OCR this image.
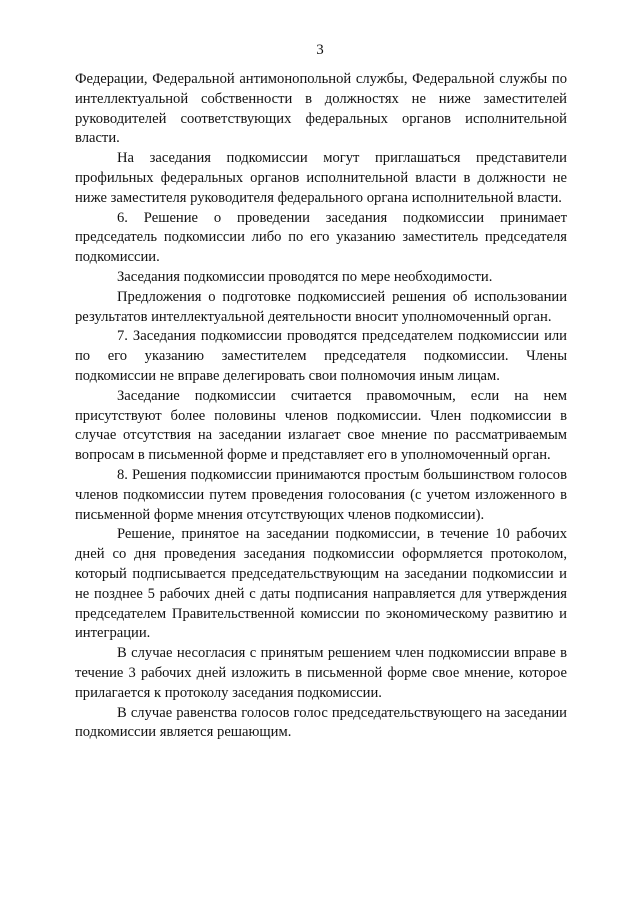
3

Федерации, Федеральной антимонопольной службы, Федеральной службы по интеллектуальной собственности в должностях не ниже заместителей руководителей соответствующих федеральных органов исполнительной власти.

На заседания подкомиссии могут приглашаться представители профильных федеральных органов исполнительной власти в должности не ниже заместителя руководителя федерального органа исполнительной власти.

6. Решение о проведении заседания подкомиссии принимает председатель подкомиссии либо по его указанию заместитель председателя подкомиссии.

Заседания подкомиссии проводятся по мере необходимости.

Предложения о подготовке подкомиссией решения об использовании результатов интеллектуальной деятельности вносит уполномоченный орган.

7. Заседания подкомиссии проводятся председателем подкомиссии или по его указанию заместителем председателя подкомиссии. Члены подкомиссии не вправе делегировать свои полномочия иным лицам.

Заседание подкомиссии считается правомочным, если на нем присутствуют более половины членов подкомиссии. Член подкомиссии в случае отсутствия на заседании излагает свое мнение по рассматриваемым вопросам в письменной форме и представляет его в уполномоченный орган.

8. Решения подкомиссии принимаются простым большинством голосов членов подкомиссии путем проведения голосования (с учетом изложенного в письменной форме мнения отсутствующих членов подкомиссии).

Решение, принятое на заседании подкомиссии, в течение 10 рабочих дней со дня проведения заседания подкомиссии оформляется протоколом, который подписывается председательствующим на заседании подкомиссии и не позднее 5 рабочих дней с даты подписания направляется для утверждения председателем Правительственной комиссии по экономическому развитию и интеграции.

В случае несогласия с принятым решением член подкомиссии вправе в течение 3 рабочих дней изложить в письменной форме свое мнение, которое прилагается к протоколу заседания подкомиссии.

В случае равенства голосов голос председательствующего на заседании подкомиссии является решающим.
